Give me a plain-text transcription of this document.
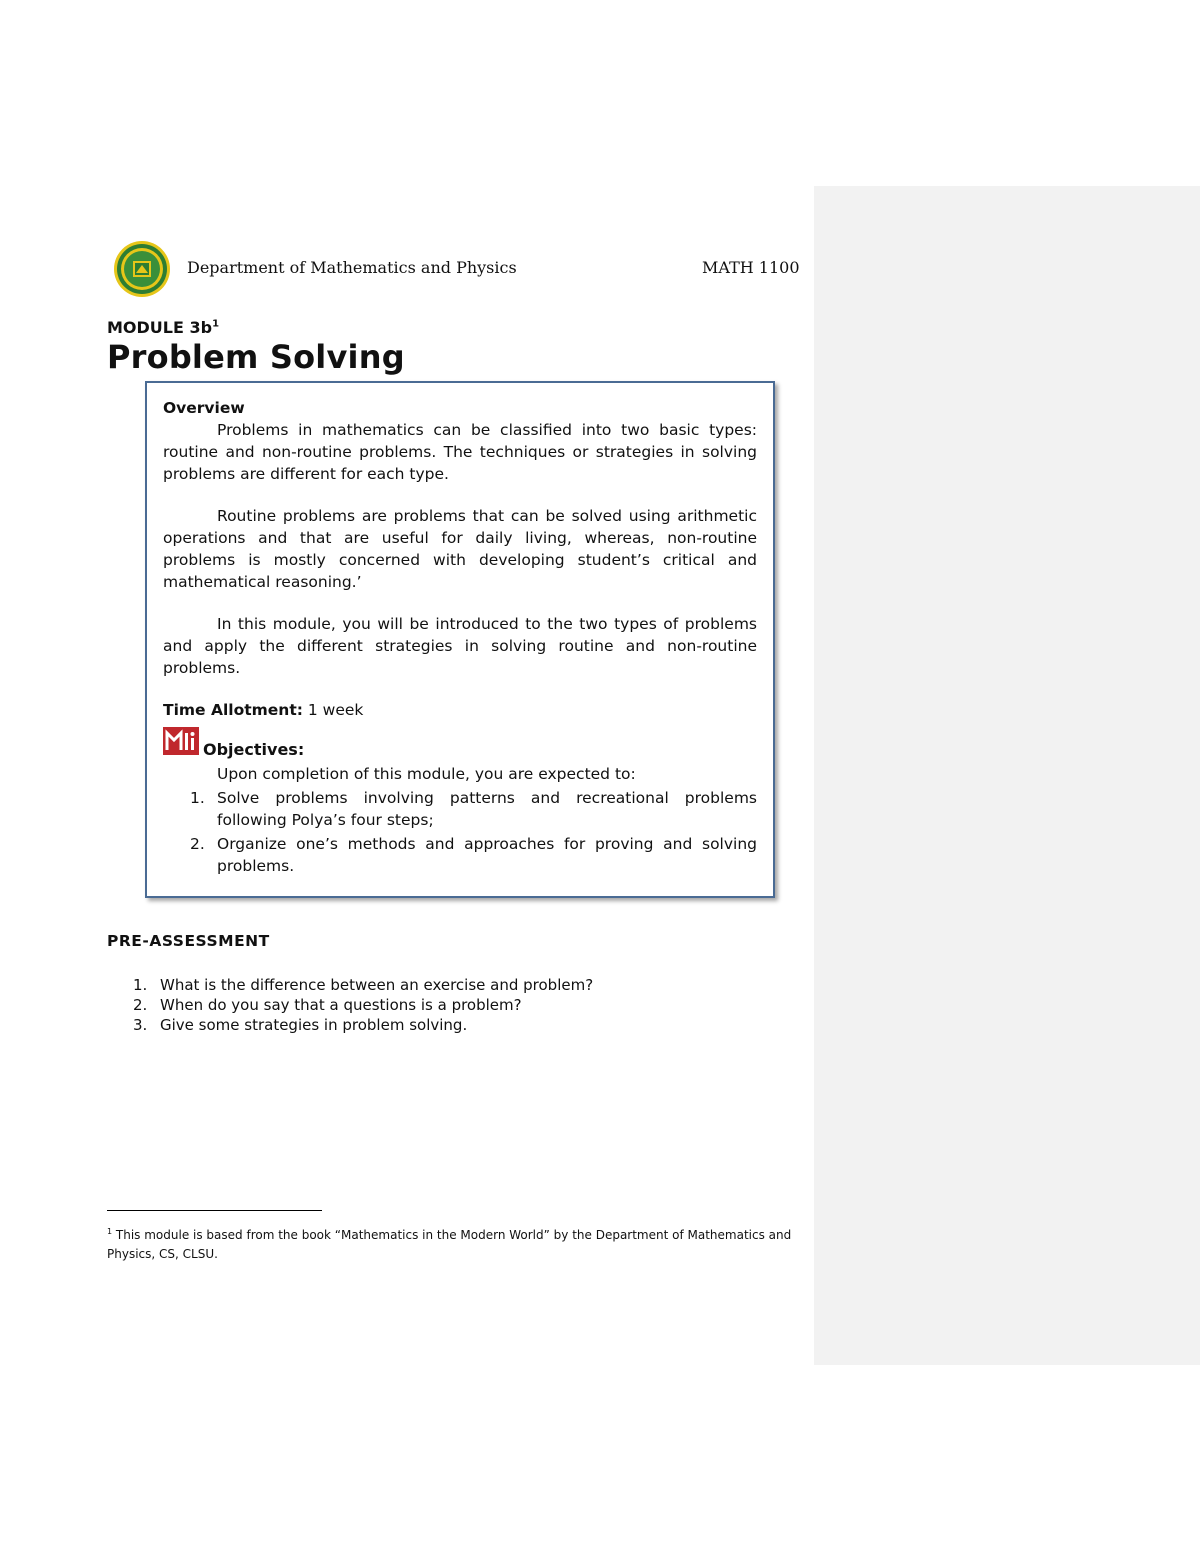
Department of Mathematics and Physics	MATH 1100
MODULE $3b^1$
Problem Solving
Overview

Problems in mathematics can be classified into two basic types: routine and non-routine problems. The techniques or strategies in solving problems are different for each type.

Routine problems are problems that can be solved using arithmetic operations and that are useful for daily living, whereas, non-routine problems is mostly concerned with developing student’s critical and mathematical reasoning.’

In this module, you will be introduced to the two types of problems and apply the different strategies in solving routine and non-routine problems.

Time Allotment: 1 week
Objectives:
Upon completion of this module, you are expected to:
1. Solve problems involving patterns and recreational problems following Polya’s four steps;
2. Organize one’s methods and approaches for proving and solving problems.
PRE-ASSESSMENT
1. What is the difference between an exercise and problem?
2. When do you say that a questions is a problem?
3. Give some strategies in problem solving.
$^1$ This module is based from the book “Mathematics in the Modern World” by the Department of Mathematics and Physics, CS, CLSU.
